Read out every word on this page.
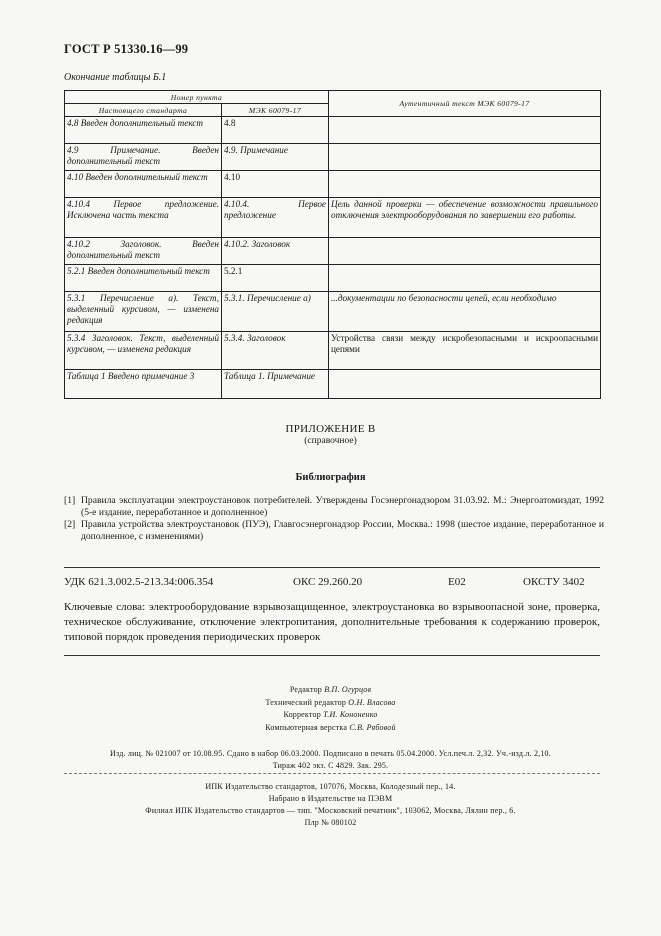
ГОСТ Р 51330.16—99
Окончание таблицы Б.1
Номер пункта		Аутентичный текст МЭК 60079-17
Настоящего стандарта	МЭК 60079-17	
4.8 Введен дополнительный текст	4.8	
4.9 Примечание. Введен дополнительный текст	4.9. Примечание	
4.10 Введен дополнительный текст	4.10	
4.10.4 Первое предложение. Исключена часть текста	4.10.4. Первое предложение	Цель данной проверки — обеспечение возможности правильного отключения электрооборудования по завершении его работы.
4.10.2 Заголовок. Введен дополнительный текст	4.10.2. Заголовок	
5.2.1 Введен дополнительный текст	5.2.1	
5.3.1 Перечисление а). Текст, выделенный курсивом, — изменена редакция	5.3.1. Перечисление а)	...документации по безопасности цепей, если необходимо
5.3.4 Заголовок. Текст, выделенный курсивом, — изменена редакция	5.3.4. Заголовок	Устройства связи между искробезопасными и искроопасными цепями
Таблица 1 Введено примечание 3	Таблица 1. Примечание	
ПРИЛОЖЕНИЕ В
(справочное)
Библиография
[1] Правила эксплуатации электроустановок потребителей. Утверждены Госэнергонадзором 31.03.92. М.: Энергоатомиздат, 1992 (5-е издание, переработанное и дополненное)
[2] Правила устройства электроустановок (ПУЭ), Главгосэнергонадзор России, Москва.: 1998 (шестое издание, переработанное и дополненное, с изменениями)
УДК 621.3.002.5-213.34:006.354	ОКС 29.260.20	Е02	ОКСТУ 3402
Ключевые слова: электрооборудование взрывозащищенное, электроустановка во взрывоопасной зоне, проверка, техническое обслуживание, отключение электропитания, дополнительные требования к содержанию проверок, типовой порядок проведения периодических проверок
Редактор В.П. Огурцов
Технический редактор О.Н. Власова
Корректор Т.И. Кононенко
Компьютерная верстка С.В. Рябовой
Изд. лиц. № 021007 от 10.08.95. Сдано в набор 06.03.2000. Подписано в печать 05.04.2000. Усл.печ.л. 2,32. Уч.-изд.л. 2,10.
Тираж 402 экз. С 4829. Зак. 295.
ИПК Издательство стандартов, 107076, Москва, Колодезный пер., 14.
Набрано в Издательстве на ПЭВМ
Филиал ИПК Издательство стандартов — тип. "Московский печатник", 103062, Москва, Лялин пер., 6.
Плр № 080102
